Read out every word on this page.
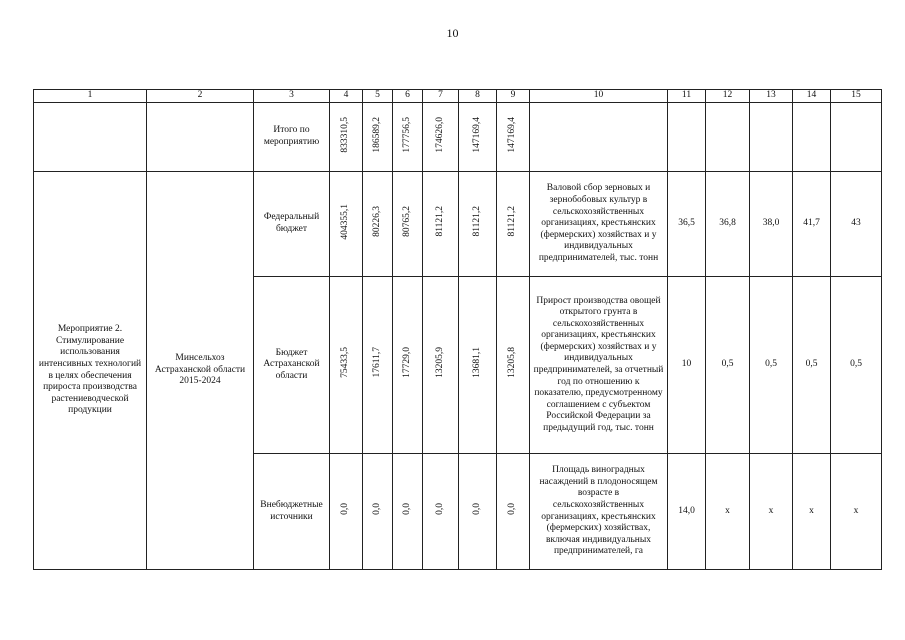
10
1	2	3	4	5	6	7	8	9	10	11	12	13	14	15
		Итого по мероприятию	833310,5	186589,2	177756,5	174626,0	147169,4	147169,4						
Мероприятие 2. Стимулирование использования интенсивных технологий в целях обеспечения прироста производства растениеводческой продукции	Минсельхоз Астраханской области 2015-2024	Федеральный бюджет	404355,1	80226,3	80765,2	81121,2	81121,2	81121,2	Валовой сбор зерновых и зернобобовых культур в сельскохозяйственных организациях, крестьянских (фермерских) хозяйствах и у индивидуальных предпринимателей, тыс. тонн	36,5	36,8	38,0	41,7	43
		Бюджет Астраханской области	75433,5	17611,7	17729,0	13205,9	13681,1	13205,8	Прирост производства овощей открытого грунта в сельскохозяйственных организациях, крестьянских (фермерских) хозяйствах и у индивидуальных предпринимателей, за отчетный год по отношению к показателю, предусмотренному соглашением с субъектом Российской Федерации за предыдущий год, тыс. тонн	10	0,5	0,5	0,5	0,5
		Внебюджетные источники	0,0	0,0	0,0	0,0	0,0	0,0	Площадь виноградных насаждений в плодоносящем возрасте в сельскохозяйственных организациях, крестьянских (фермерских) хозяйствах, включая индивидуальных предпринимателей, га	14,0	х	х	х	х
